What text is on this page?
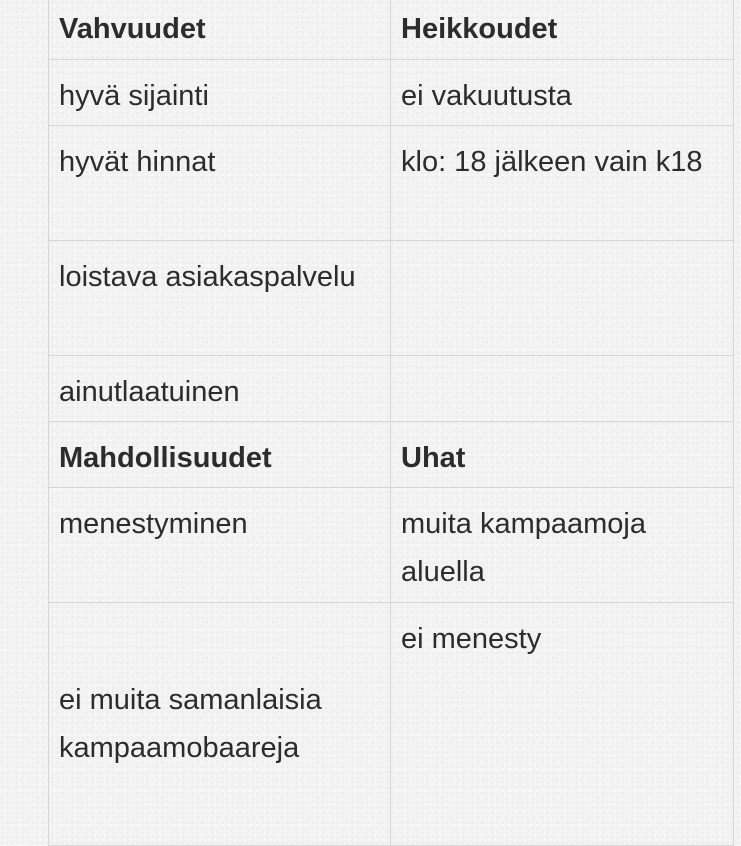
Vahvuudet	Heikkoudet
hyvä sijainti	ei vakuutusta
hyvät hinnat	klo: 18 jälkeen vain k18
loistava asiakaspalvelu	
ainutlaatuinen	
Mahdollisuudet	Uhat
menestyminen	muita kampaamoja aluella
ei muita samanlaisia kampaamobaareja	ei menesty
